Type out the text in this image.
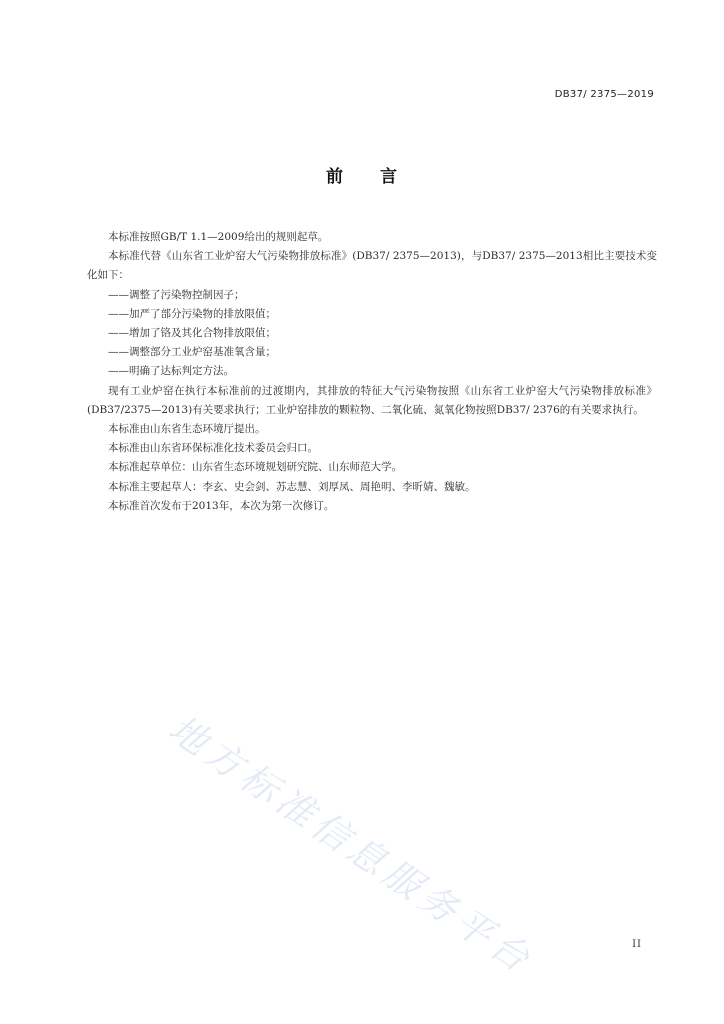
DB37/ 2375—2019
前 言

本标准按照GB/T 1.1—2009给出的规则起草。

本标准代替《山东省工业炉窑大气污染物排放标准》(DB37/ 2375—2013)，与DB37/ 2375—2013相比主要技术变化如下：

——调整了污染物控制因子；

——加严了部分污染物的排放限值；

——增加了铬及其化合物排放限值；

——调整部分工业炉窑基准氧含量；

——明确了达标判定方法。

现有工业炉窑在执行本标准前的过渡期内，其排放的特征大气污染物按照《山东省工业炉窑大气污染物排放标准》(DB37/2375—2013)有关要求执行；工业炉窑排放的颗粒物、二氧化硫、氮氧化物按照DB37/ 2376的有关要求执行。

本标准由山东省生态环境厅提出。

本标准由山东省环保标准化技术委员会归口。

本标准起草单位：山东省生态环境规划研究院、山东师范大学。

本标准主要起草人：李玄、史会剑、苏志慧、刘厚凤、周艳明、李昕婧、魏敏。

本标准首次发布于2013年，本次为第一次修订。

地方标准信息服务平台	II
